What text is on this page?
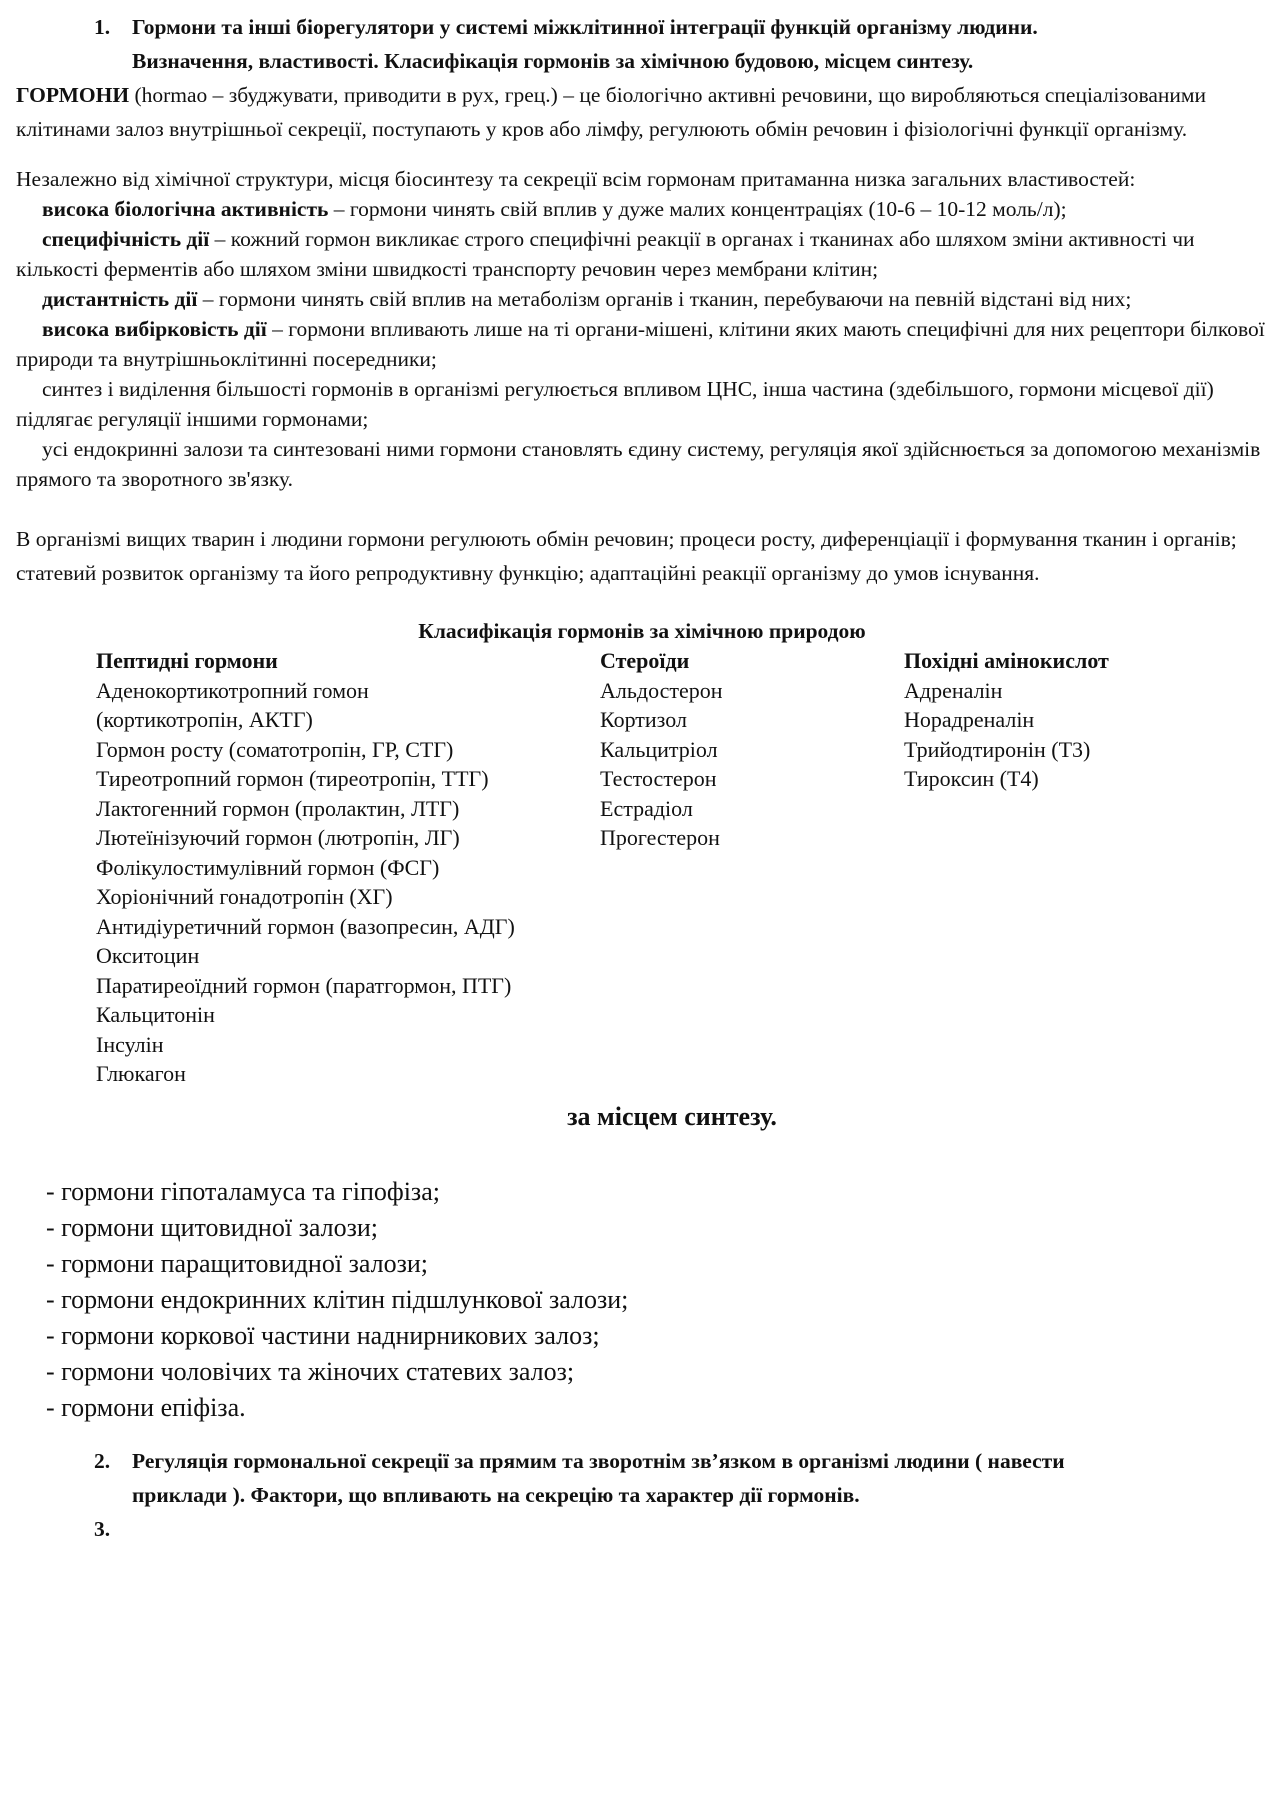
1. Гормони та інші біорегулятори у системі міжклітинної інтеграції функцій організму людини.
Визначення, властивості. Класифікація гормонів за хімічною будовою, місцем синтезу.

ГОРМОНИ (hormao – збуджувати, приводити в рух, грец.) – це біологічно активні речовини, що виробляються спеціалізованими клітинами залоз внутрішньої секреції, поступають у кров або лімфу, регулюють обмін речовин і фізіологічні функції організму.

Незалежно від хімічної структури, місця біосинтезу та секреції всім гормонам притаманна низка загальних властивостей:

висока біологічна активність – гормони чинять свій вплив у дуже малих концентраціях (10-6 – 10-12 моль/л);

специфічність дії – кожний гормон викликає строго специфічні реакції в органах і тканинах або шляхом зміни активності чи кількості ферментів або шляхом зміни швидкості транспорту речовин через мембрани клітин;

дистантність дії – гормони чинять свій вплив на метаболізм органів і тканин, перебуваючи на певній відстані від них;

висока вибірковість дії – гормони впливають лише на ті органи-мішені, клітини яких мають специфічні для них рецептори білкової природи та внутрішньоклітинні посередники;

синтез і виділення більшості гормонів в організмі регулюється впливом ЦНС, інша частина (здебільшого, гормони місцевої дії) підлягає регуляції іншими гормонами;

усі ендокринні залози та синтезовані ними гормони становлять єдину систему, регуляція якої здійснюється за допомогою механізмів прямого та зворотного зв'язку.

В організмі вищих тварин і людини гормони регулюють обмін речовин; процеси росту, диференціації і формування тканин і органів; статевий розвиток організму та його репродуктивну функцію; адаптаційні реакції організму до умов існування.

Класифікація гормонів за хімічною природою
Пептидні гормони
Аденокортикотропний гомон
(кортикотропін, АКТГ)
Гормон росту (соматотропін, ГР, СТГ)
Тиреотропний гормон (тиреотропін, ТТГ)
Лактогенний гормон (пролактин, ЛТГ)
Лютеїнізуючий гормон (лютропін, ЛГ)
Фолікулостимулівний гормон (ФСГ)
Хоріонічний гонадотропін (ХГ)
Антидіуретичний гормон (вазопресин, АДГ)
Окситоцин
Паратиреоїдний гормон (паратгормон, ПТГ)
Кальцитонін
Інсулін
Глюкагон
Стероїди
Альдостерон
Кортизол
Кальцитріол
Тестостерон
Естрадіол
Прогестерон
Похідні амінокислот
Адреналін
Норадреналін
Трийодтиронін (Т3)
Тироксин (Т4)
за місцем синтезу.
- гормони гіпоталамуса та гіпофіза;
- гормони щитовидної залози;
- гормони паращитовидної залози;
- гормони ендокринних клітин підшлункової залози;
- гормони коркової частини наднирникових залоз;
- гормони чоловічих та жіночих статевих залоз;
- гормони епіфіза.
2. Регуляція гормональної секреції за прямим та зворотнім зв’язком в організмі людини ( навести
приклади ). Фактори, що впливають на секрецію та характер дії гормонів.
3.
